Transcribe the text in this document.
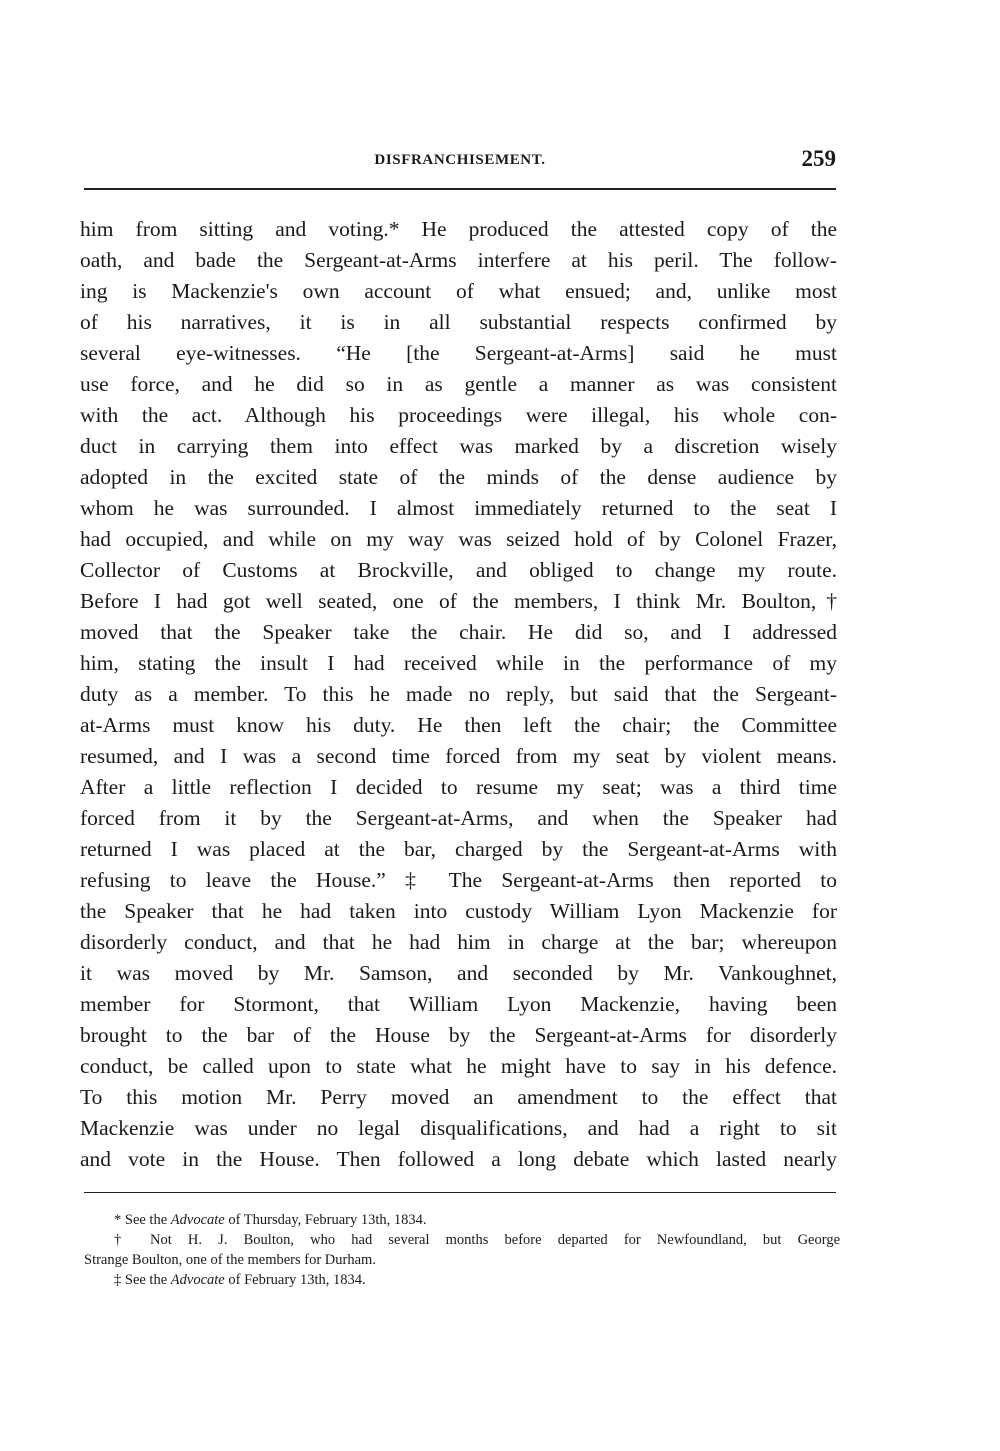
DISFRANCHISEMENT.	259
him from sitting and voting.* He produced the attested copy of the
oath, and bade the Sergeant-at-Arms interfere at his peril. The follow-
ing is Mackenzie's own account of what ensued; and, unlike most
of his narratives, it is in all substantial respects confirmed by
several eye-witnesses. “He [the Sergeant-at-Arms] said he must
use force, and he did so in as gentle a manner as was consistent
with the act. Although his proceedings were illegal, his whole con-
duct in carrying them into effect was marked by a discretion wisely
adopted in the excited state of the minds of the dense audience by
whom he was surrounded. I almost immediately returned to the seat I
had occupied, and while on my way was seized hold of by Colonel Frazer,
Collector of Customs at Brockville, and obliged to change my route.
Before I had got well seated, one of the members, I think Mr. Boulton,†
moved that the Speaker take the chair. He did so, and I addressed
him, stating the insult I had received while in the performance of my
duty as a member. To this he made no reply, but said that the Sergeant-
at-Arms must know his duty. He then left the chair; the Committee
resumed, and I was a second time forced from my seat by violent means.
After a little reflection I decided to resume my seat; was a third time
forced from it by the Sergeant-at-Arms, and when the Speaker had
returned I was placed at the bar, charged by the Sergeant-at-Arms with
refusing to leave the House.” ‡ The Sergeant-at-Arms then reported to
the Speaker that he had taken into custody William Lyon Mackenzie for
disorderly conduct, and that he had him in charge at the bar; whereupon
it was moved by Mr. Samson, and seconded by Mr. Vankoughnet,
member for Stormont, that William Lyon Mackenzie, having been
brought to the bar of the House by the Sergeant-at-Arms for disorderly
conduct, be called upon to state what he might have to say in his defence.
To this motion Mr. Perry moved an amendment to the effect that
Mackenzie was under no legal disqualifications, and had a right to sit
and vote in the House. Then followed a long debate which lasted nearly
* See the Advocate of Thursday, February 13th, 1834.
† Not H. J. Boulton, who had several months before departed for Newfoundland, but George
Strange Boulton, one of the members for Durham.
‡ See the Advocate of February 13th, 1834.
